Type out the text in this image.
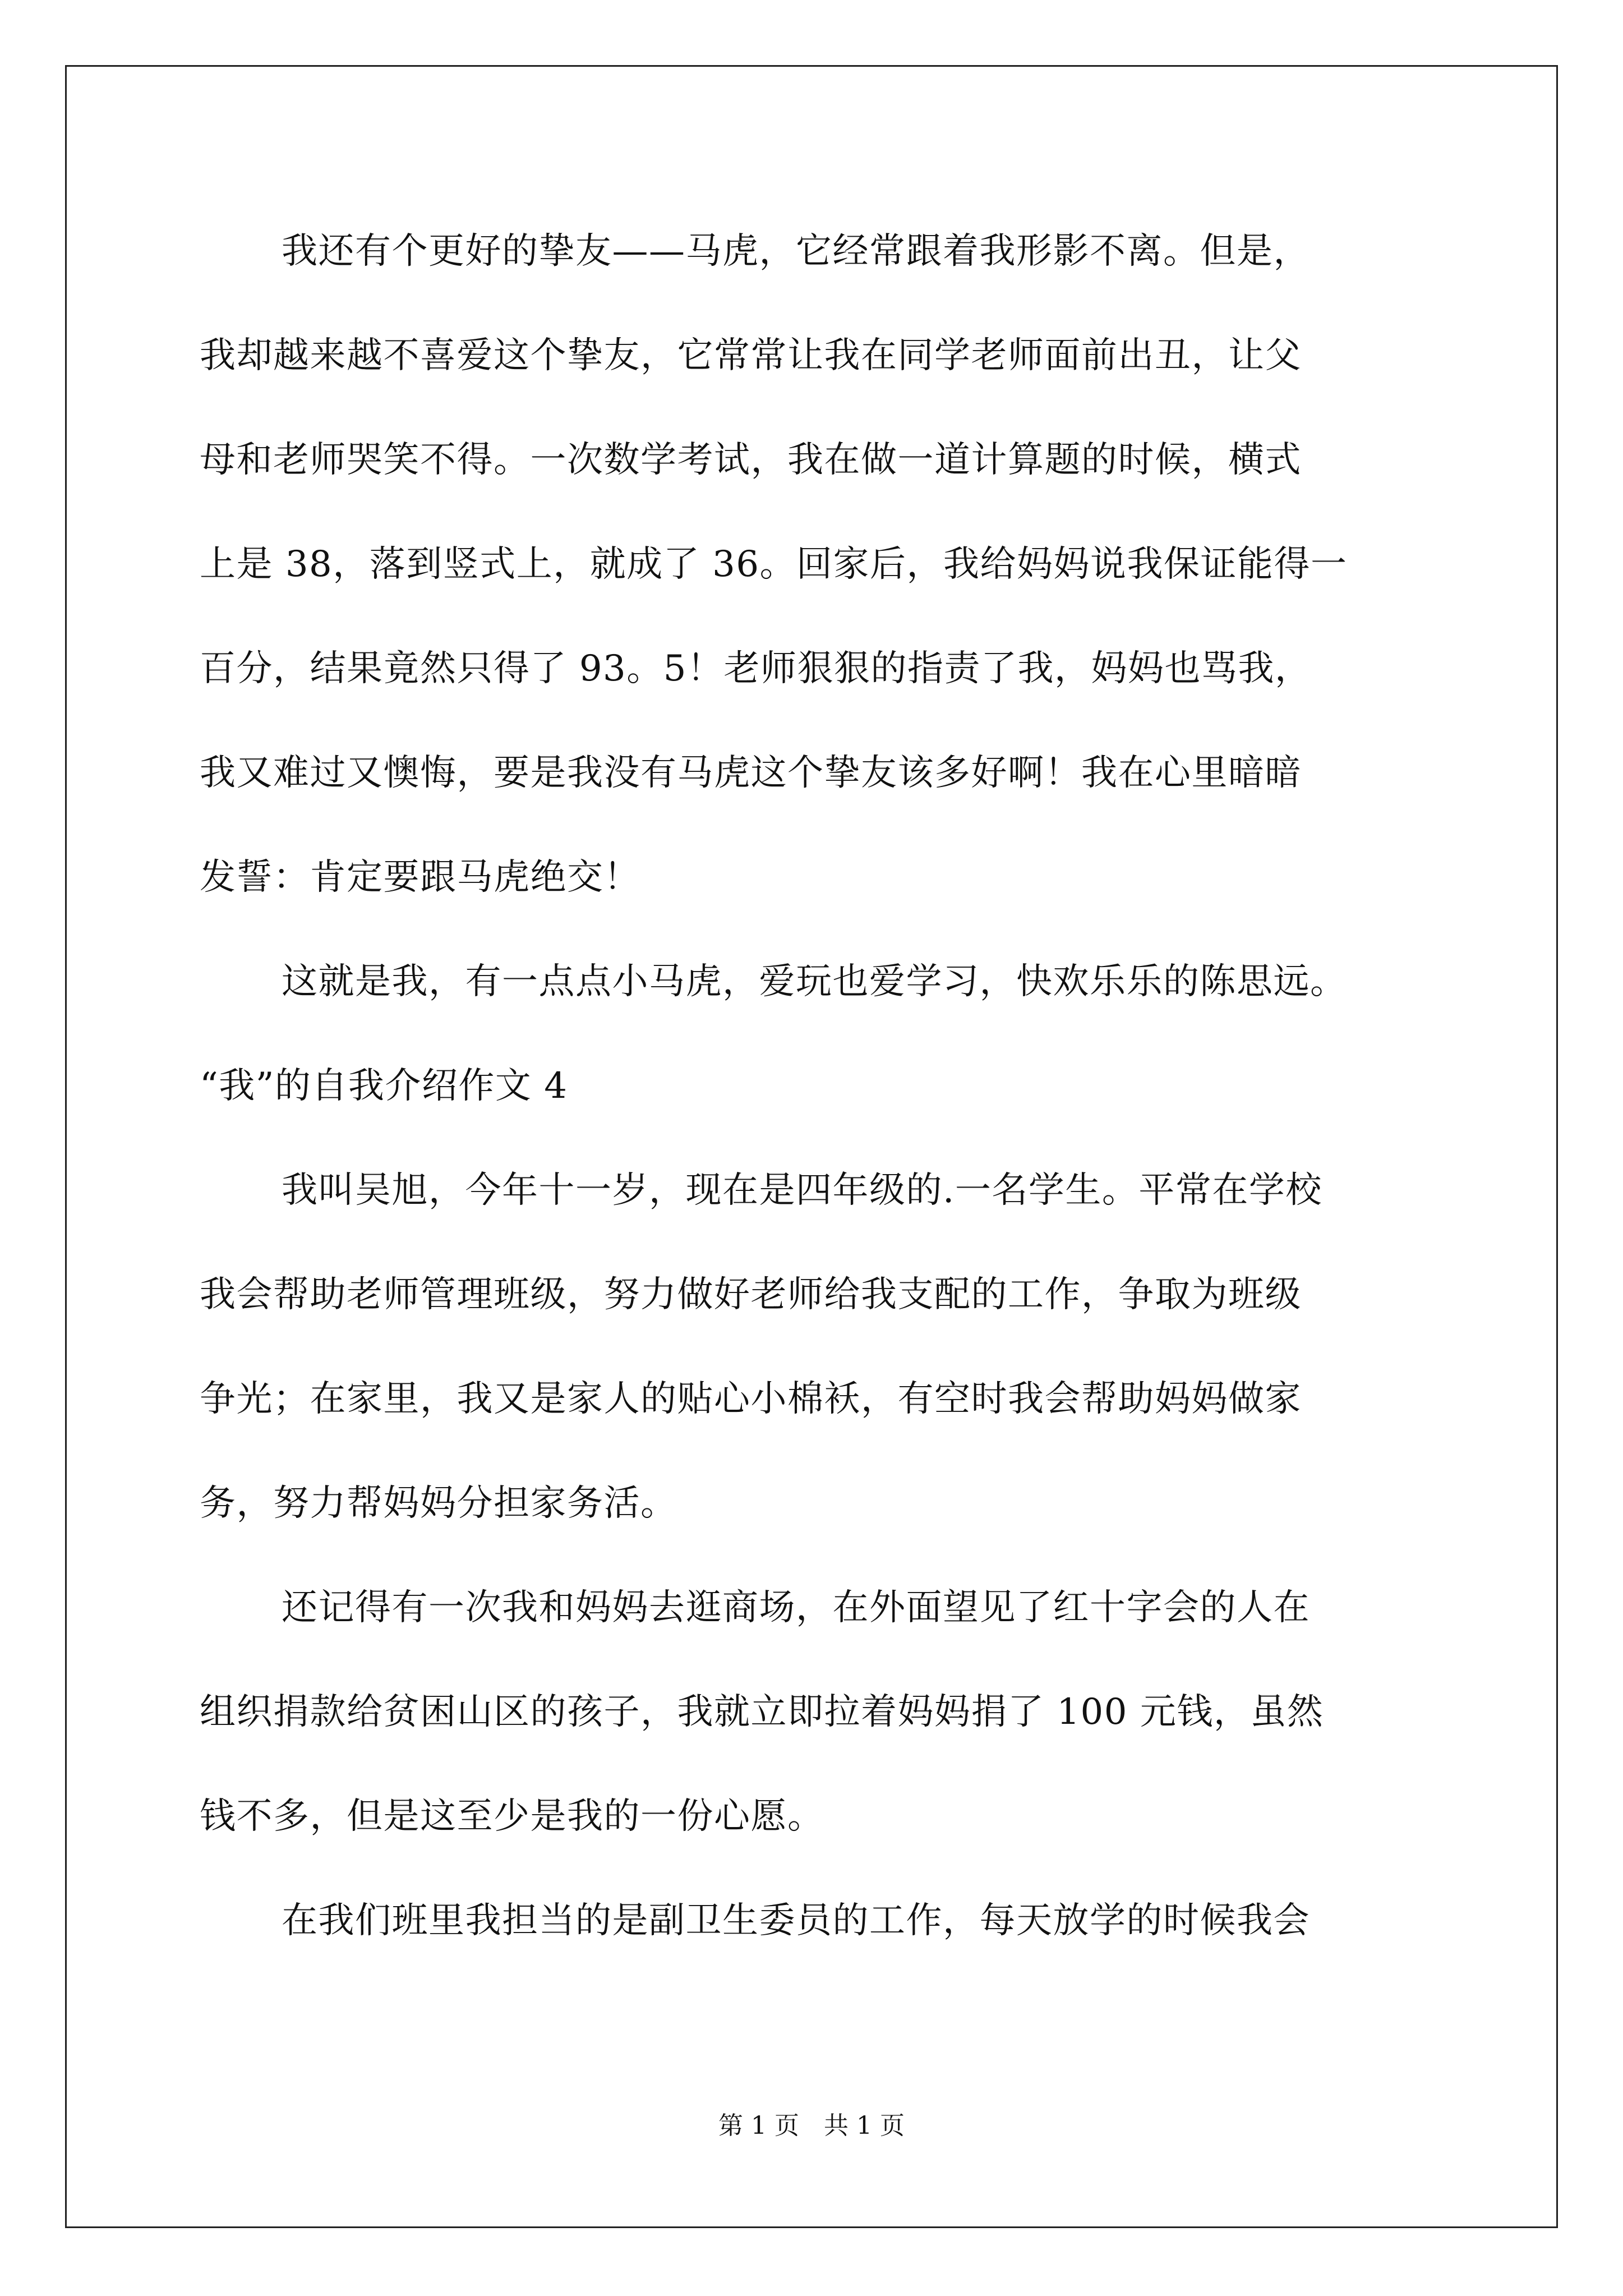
我还有个更好的挚友——马虎，它经常跟着我形影不离。但是，

我却越来越不喜爱这个挚友，它常常让我在同学老师面前出丑，让父

母和老师哭笑不得。一次数学考试，我在做一道计算题的时候，横式

上是 38，落到竖式上，就成了 36。回家后，我给妈妈说我保证能得一

百分，结果竟然只得了 93。5！老师狠狠的指责了我，妈妈也骂我，

我又难过又懊悔，要是我没有马虎这个挚友该多好啊！我在心里暗暗

发誓：肯定要跟马虎绝交！

这就是我，有一点点小马虎，爱玩也爱学习，快欢乐乐的陈思远。

“我”的自我介绍作文 4

我叫吴旭，今年十一岁，现在是四年级的.一名学生。平常在学校

我会帮助老师管理班级，努力做好老师给我支配的工作，争取为班级

争光；在家里，我又是家人的贴心小棉袄，有空时我会帮助妈妈做家

务，努力帮妈妈分担家务活。

还记得有一次我和妈妈去逛商场，在外面望见了红十字会的人在

组织捐款给贫困山区的孩子，我就立即拉着妈妈捐了 100 元钱，虽然

钱不多，但是这至少是我的一份心愿。

在我们班里我担当的是副卫生委员的工作，每天放学的时候我会

第 1 页　共 1 页
